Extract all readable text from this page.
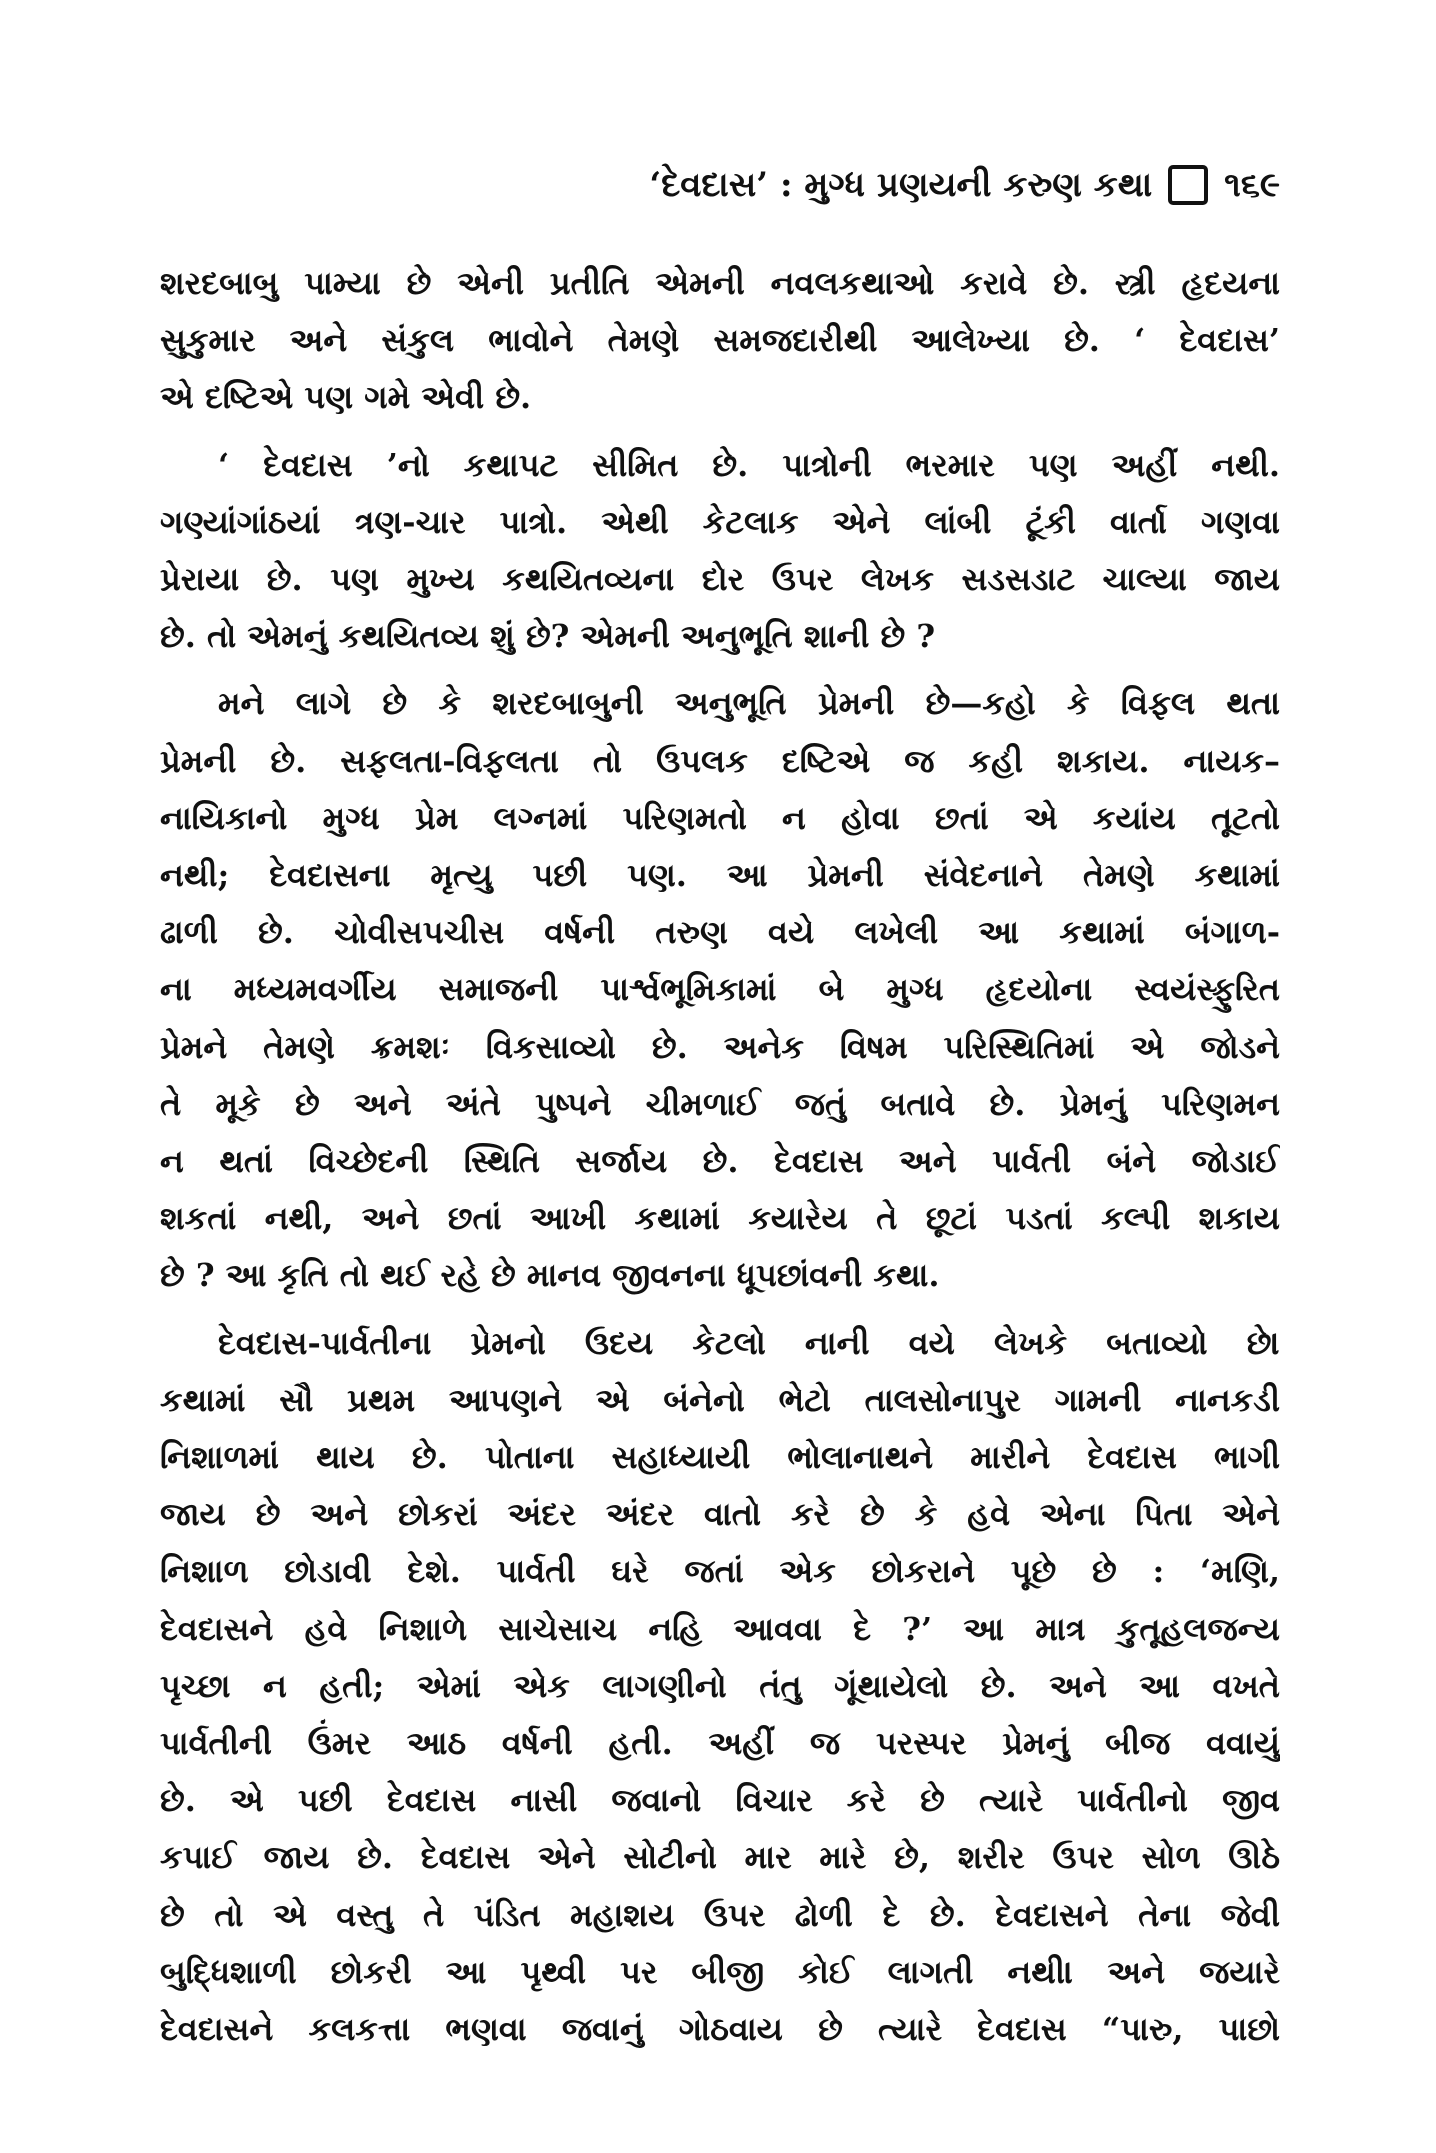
‘દેવદાસ’ : મુગ્ધ પ્રણયની કરુણ કથા ૧૬૯
શરદબાબુ પામ્યા છે એની પ્રતીતિ એમની નવલકથાઓ કરાવે છે. સ્ત્રી હૃદયના
સુકુમાર અને સંકુલ ભાવોને તેમણે સમજદારીથી આલેખ્યા છે. ‘ દેવદાસ’
એ દષ્ટિએ પણ ગમે એવી છે.
‘ દેવદાસ ’નો કથાપટ સીમિત છે. પાત્રોની ભરમાર પણ અહીં નથી.
ગણ્યાંગાંઠયાં ત્રણ-ચાર પાત્રો. એથી કેટલાક એને લાંબી ટૂંકી વાર્તા ગણવા
પ્રેરાયા છે. પણ મુખ્ય કથયિતવ્યના દોર ઉપર લેખક સડસડાટ ચાલ્યા જાય
છે. તો એમનું કથયિતવ્ય શું છે? એમની અનુભૂતિ શાની છે ?
મને લાગે છે કે શરદબાબુની અનુભૂતિ પ્રેમની છે—કહો કે વિફલ થતા
પ્રેમની છે. સફલતા-વિફલતા તો ઉપલક દષ્ટિએ જ કહી શકાય. નાયક–
નાયિકાનો મુગ્ધ પ્રેમ લગ્નમાં પરિણમતો ન હોવા છતાં એ કયાંય તૂટતો
નથી; દેવદાસના મૃત્યુ પછી પણ. આ પ્રેમની સંવેદનાને તેમણે કથામાં
ઢાળી છે. ચોવીસપચીસ વર્ષની તરુણ વયે લખેલી આ કથામાં બંગાળ-
ના મધ્યમવર્ગીય સમાજની પાર્શ્વભૂમિકામાં બે મુગ્ધ હૃદયોના સ્વયંસ્ફુરિત
પ્રેમને તેમણે ક્રમશઃ વિકસાવ્યો છે. અનેક વિષમ પરિસ્થિતિમાં એ જોડને
તે મૂકે છે અને અંતે પુષ્પને ચીમળાઈ જતું બતાવે છે. પ્રેમનું પરિણમન
ન થતાં વિચ્છેદની સ્થિતિ સર્જાય છે. દેવદાસ અને પાર્વતી બંને જોડાઈ
શકતાં નથી, અને છતાં આખી કથામાં કયારેય તે છૂટાં પડતાં કલ્પી શકાય
છે ? આ કૃતિ તો થઈ રહે છે માનવ જીવનના ધૂપછાંવની કથા.
દેવદાસ-પાર્વતીના પ્રેમનો ઉદય કેટલો નાની વયે લેખકે બતાવ્યો છે।
કથામાં સૌ પ્રથમ આપણને એ બંનેનો ભેટો તાલસોનાપુર ગામની નાનકડી
નિશાળમાં થાય છે. પોતાના સહાધ્યાયી ભોલાનાથને મારીને દેવદાસ ભાગી
જાય છે અને છોકરાં અંદર અંદર વાતો કરે છે કે હવે એના પિતા એને
નિશાળ છોડાવી દેશે. પાર્વતી ઘરે જતાં એક છોકરાને પૂછે છે : ‘મણિ,
દેવદાસને હવે નિશાળે સાચેસાચ નહિ આવવા દે ?’ આ માત્ર કુતૂહલજન્ય
પૃચ્છા ન હતી; એમાં એક લાગણીનો તંતુ ગૂંથાયેલો છે. અને આ વખતે
પાર્વતીની ઉંમર આઠ વર્ષની હતી. અહીં જ પરસ્પર પ્રેમનું બીજ વવાયું
છે. એ પછી દેવદાસ નાસી જવાનો વિચાર કરે છે ત્યારે પાર્વતીનો જીવ
કપાઈ જાય છે. દેવદાસ એને સોટીનો માર મારે છે, શરીર ઉપર સોળ ઊઠે
છે તો એ વસ્તુ તે પંડિત મહાશય ઉપર ઢોળી દે છે. દેવદાસને તેના જેવી
બુદ્ધિશાળી છોકરી આ પૃથ્વી પર બીજી કોઈ લાગતી નથી। અને જયારે
દેવદાસને કલકત્તા ભણવા જવાનું ગોઠવાય છે ત્યારે દેવદાસ “પારુ, પાછો
